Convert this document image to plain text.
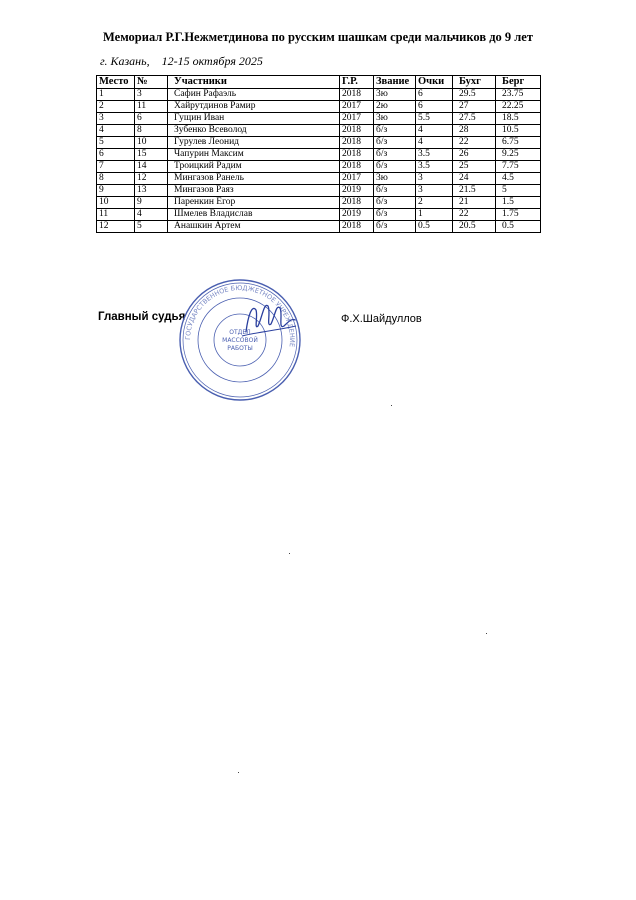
Мемориал Р.Г.Нежметдинова по русским шашкам среди мальчиков до 9 лет
г. Казань, 12-15 октября 2025
Место	№	Участники	Г.Р.	Звание	Очки	Бухг	Берг
1	3	Сафин Рафаэль	2018	3ю	6	29.5	23.75
2	11	Хайрутдинов Рамир	2017	2ю	6	27	22.25
3	6	Гущин Иван	2017	3ю	5.5	27.5	18.5
4	8	Зубенко Всеволод	2018	б/з	4	28	10.5
5	10	Гурулев Леонид	2018	б/з	4	22	6.75
6	15	Чапурин Максим	2018	б/з	3.5	26	9.25
7	14	Троицкий Радим	2018	б/з	3.5	25	7.75
8	12	Мингазов Ранель	2017	3ю	3	24	4.5
9	13	Мингазов Раяз	2019	б/з	3	21.5	5
10	9	Паренкин Егор	2018	б/з	2	21	1.5
11	4	Шмелев Владислав	2019	б/з	1	22	1.75
12	5	Анашкин Артем	2018	б/з	0.5	20.5	0.5
Главный судья	Ф.Х.Шайдуллов
ГОСУДАРСТВЕННОЕ БЮДЖЕТНОЕ УЧРЕЖДЕНИЕ
ОТДЕЛ
МАССОВОЙ
РАБОТЫ
